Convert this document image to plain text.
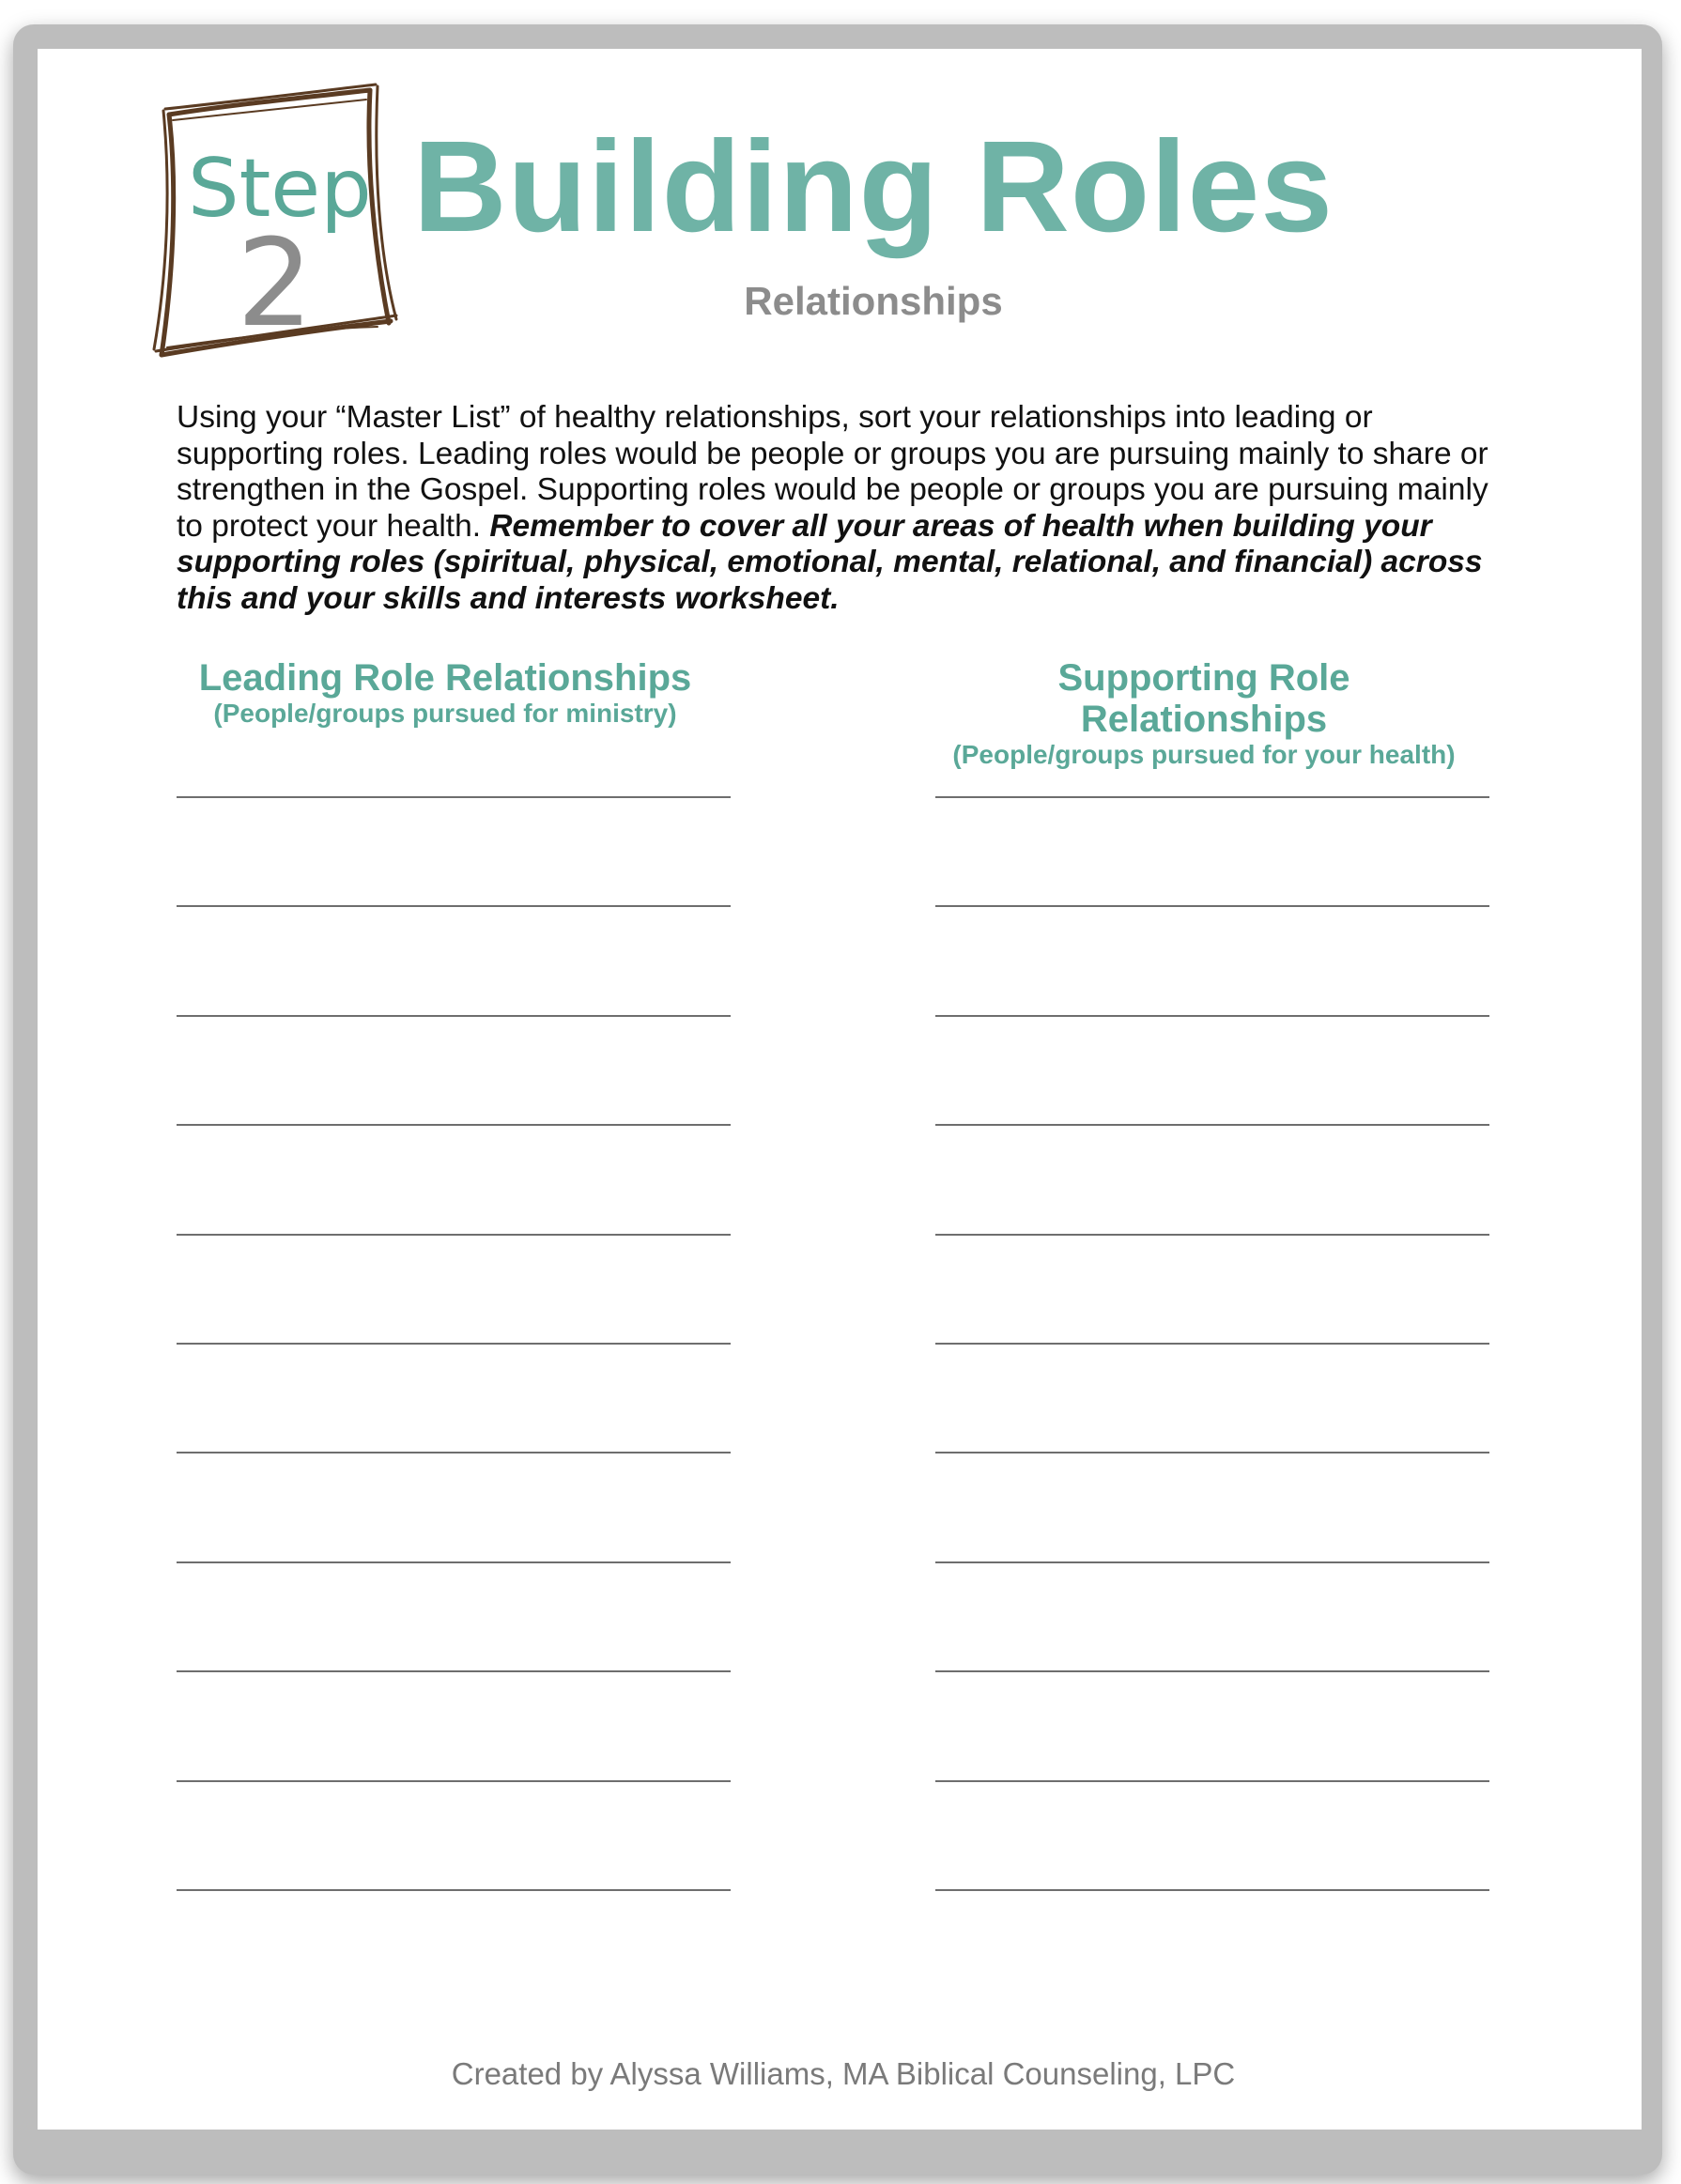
Step
2
Building Roles
Relationships

Using your “Master List” of healthy relationships, sort your relationships into leading or supporting roles. Leading roles would be people or groups you are pursuing mainly to share or strengthen in the Gospel. Supporting roles would be people or groups you are pursuing mainly to protect your health. Remember to cover all your areas of health when building your supporting roles (spiritual, physical, emotional, mental, relational, and financial) across this and your skills and interests worksheet.

Leading Role Relationships
(People/groups pursued for ministry)
Supporting Role Relationships
(People/groups pursued for your health)
Created by Alyssa Williams, MA Biblical Counseling, LPC
